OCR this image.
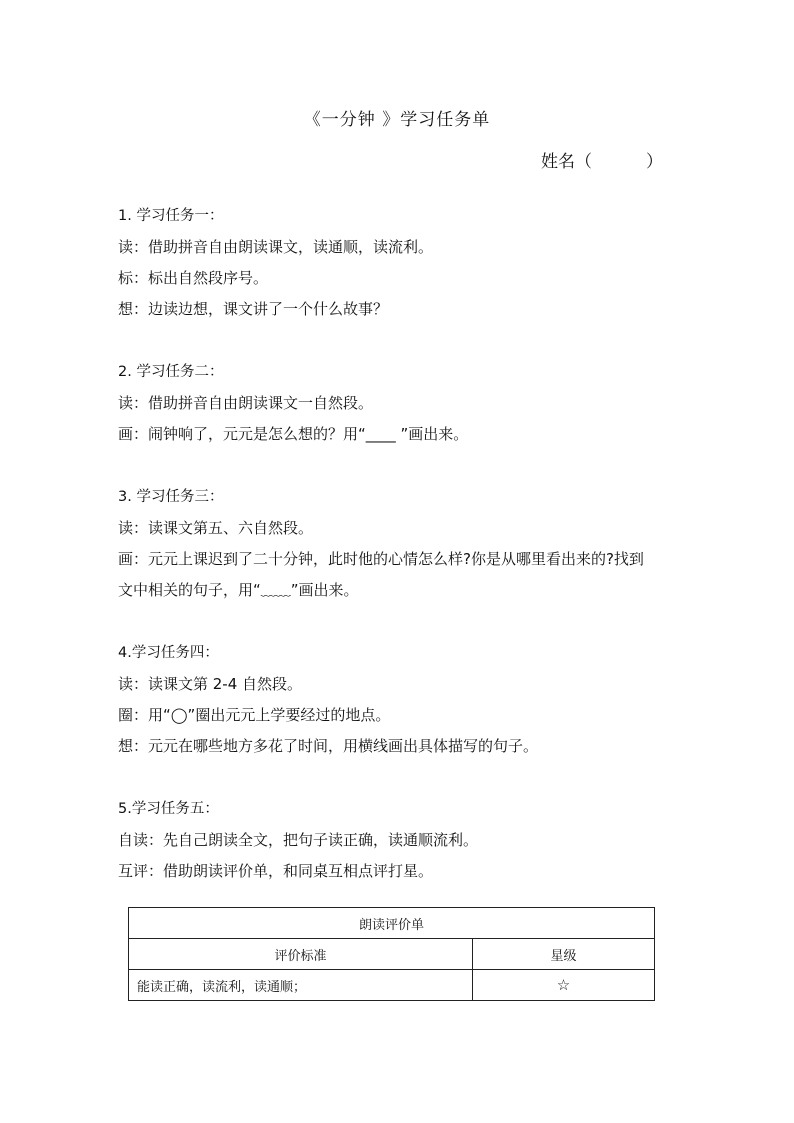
《一分钟 》学习任务单
姓名（          ）
1. 学习任务一：
读：借助拼音自由朗读课文，读通顺，读流利。
标：标出自然段序号。
想：边读边想，课文讲了一个什么故事？
2. 学习任务二：
读：借助拼音自由朗读课文一自然段。
画：闹钟响了，元元是怎么想的？用“____ ”画出来。
3. 学习任务三：
读：读课文第五、六自然段。
画：元元上课迟到了二十分钟，此时他的心情怎么样?你是从哪里看出来的?找到
文中相关的句子，用“﹏﹏”画出来。
4.学习任务四：
读：读课文第 2-4 自然段。
圈：用“◯”圈出元元上学要经过的地点。
想：元元在哪些地方多花了时间，用横线画出具体描写的句子。
5.学习任务五：
自读：先自己朗读全文，把句子读正确，读通顺流利。
互评：借助朗读评价单，和同桌互相点评打星。
朗读评价单	
评价标准	星级
能读正确，读流利，读通顺；	☆
